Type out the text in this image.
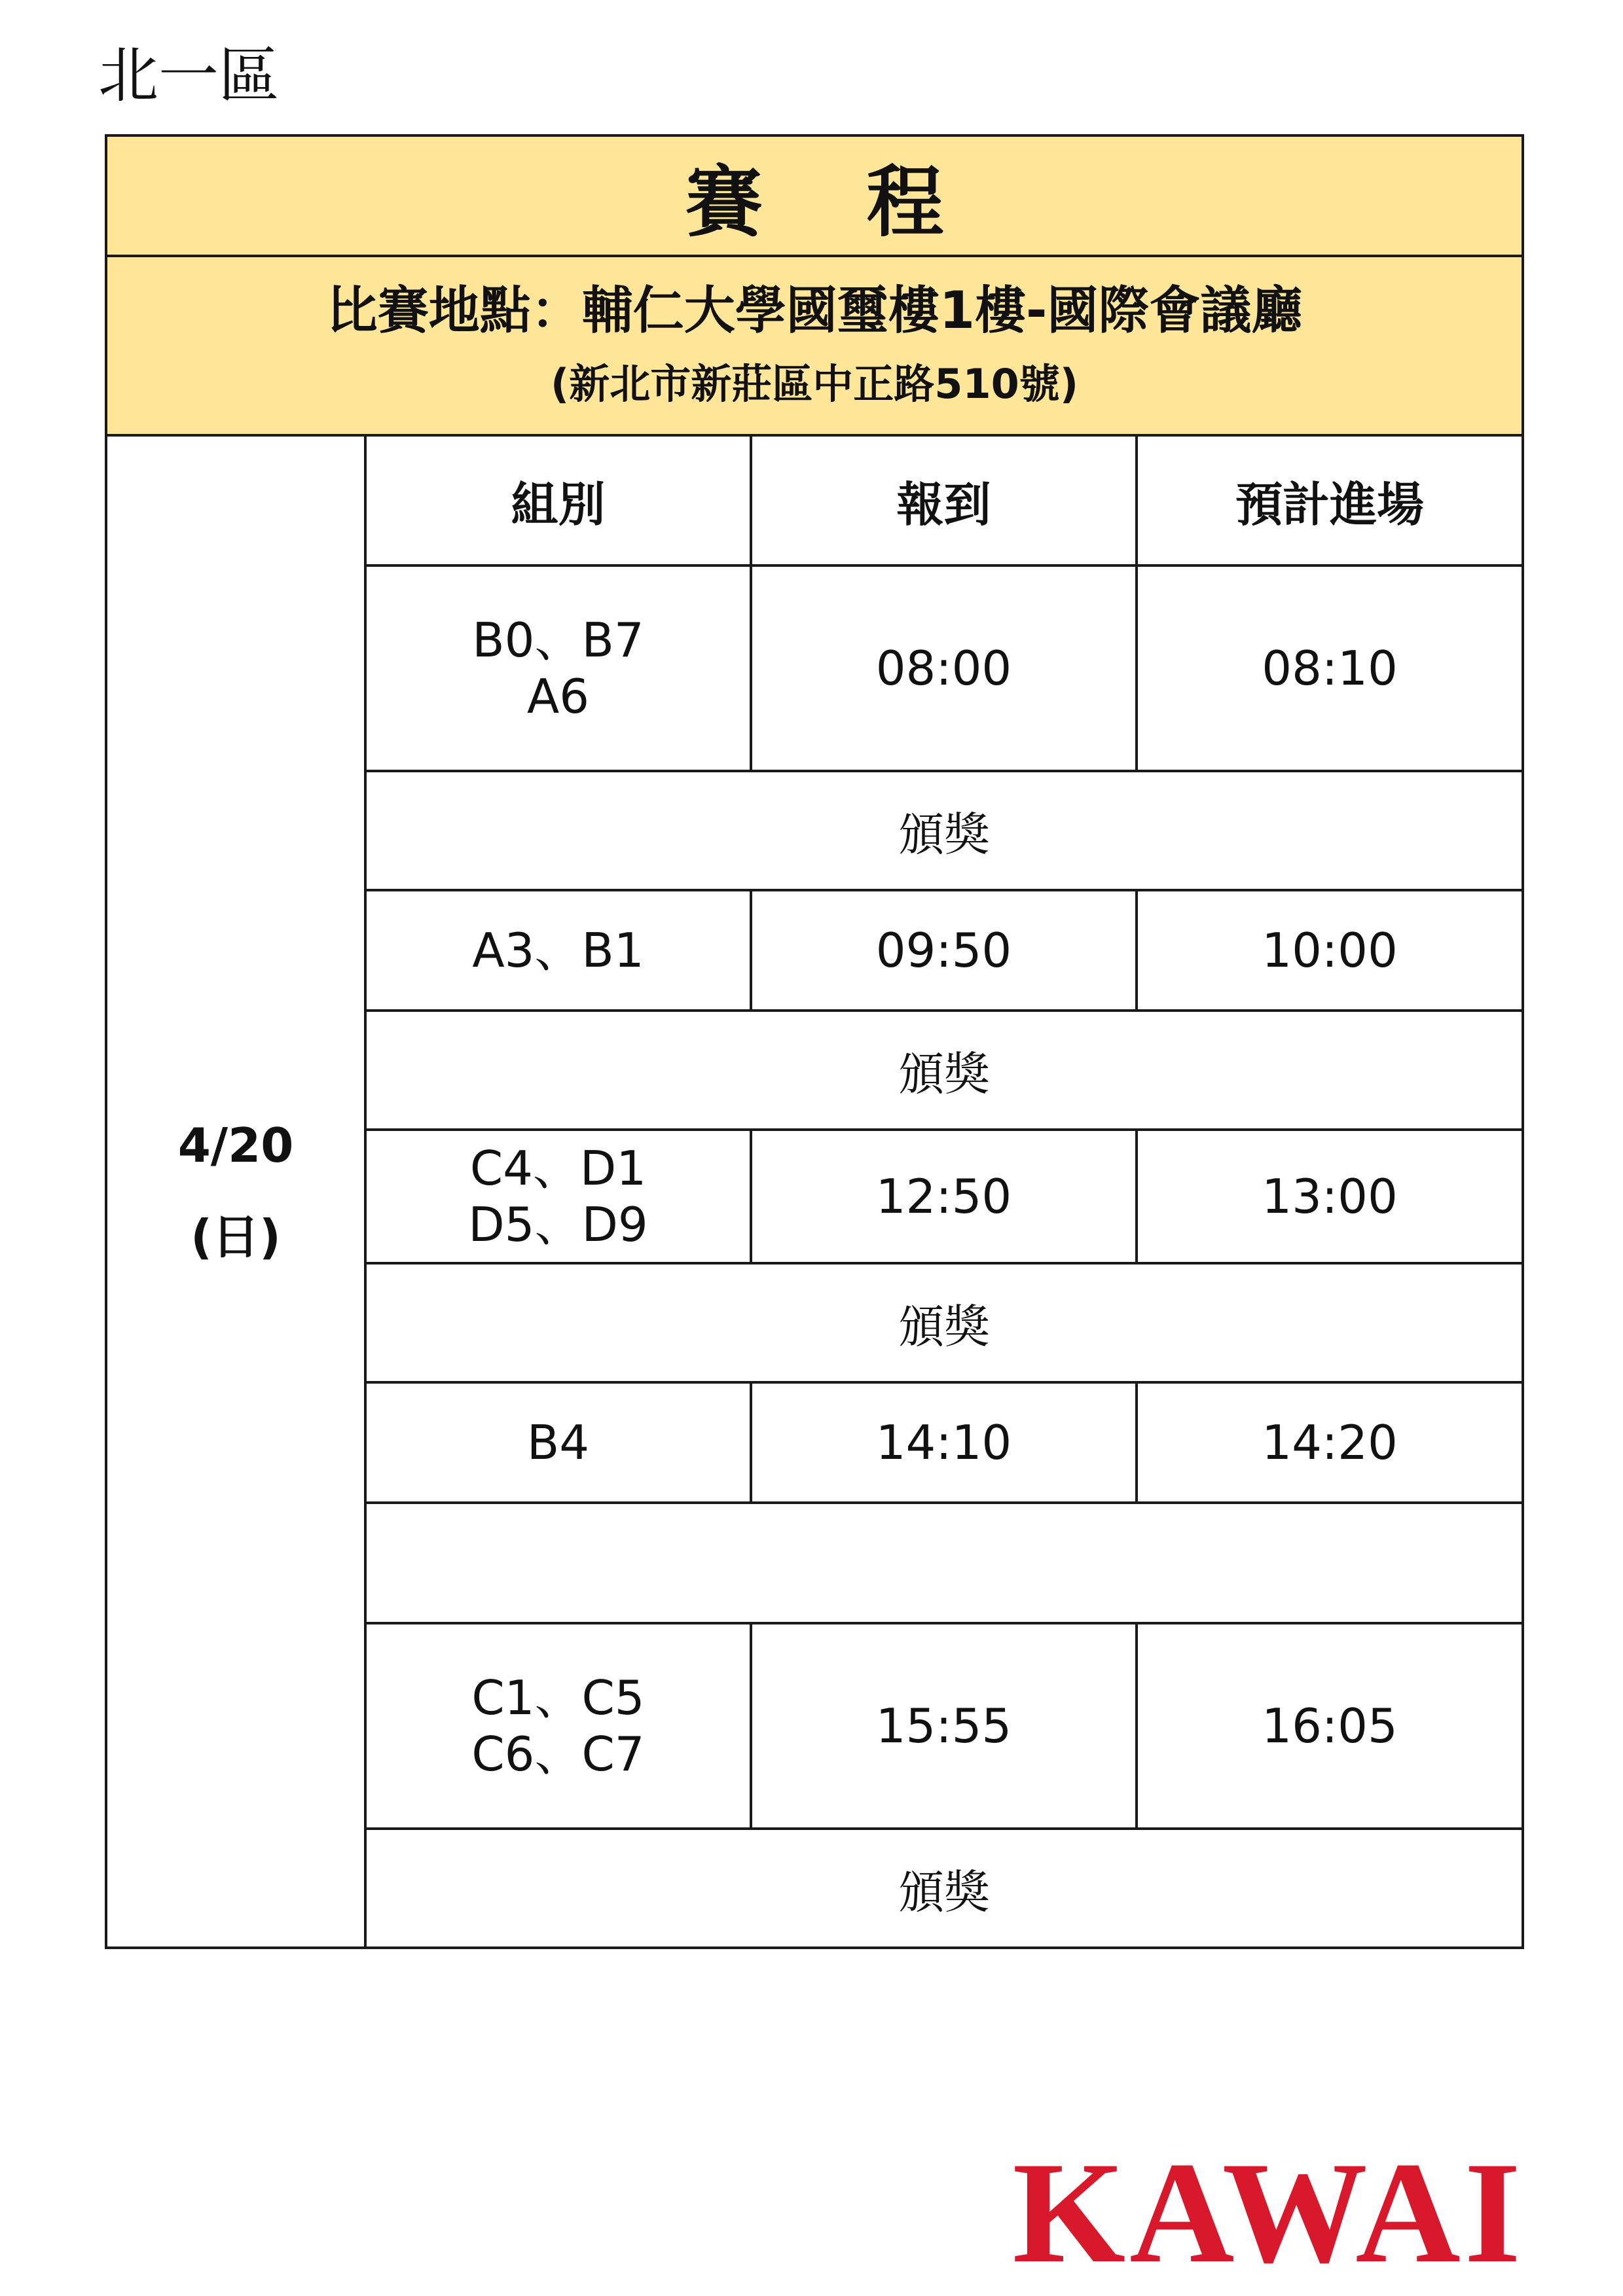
北一區
賽 程			

比賽地點：輔仁大學國璽樓1樓-國際會議廳
(新北市新莊區中正路510號)			

4/20
(日)	組別	報到	預計進場

	B0、B7
A6	08:00	08:10
	頒獎		

	A3、B1	09:50	10:00
	頒獎		

	C4、D1
D5、D9	12:50	13:00
	頒獎		

	B4	14:10	14:20

	C1、C5
C6、C7	15:55	16:05
	頒獎		
KAWAI
